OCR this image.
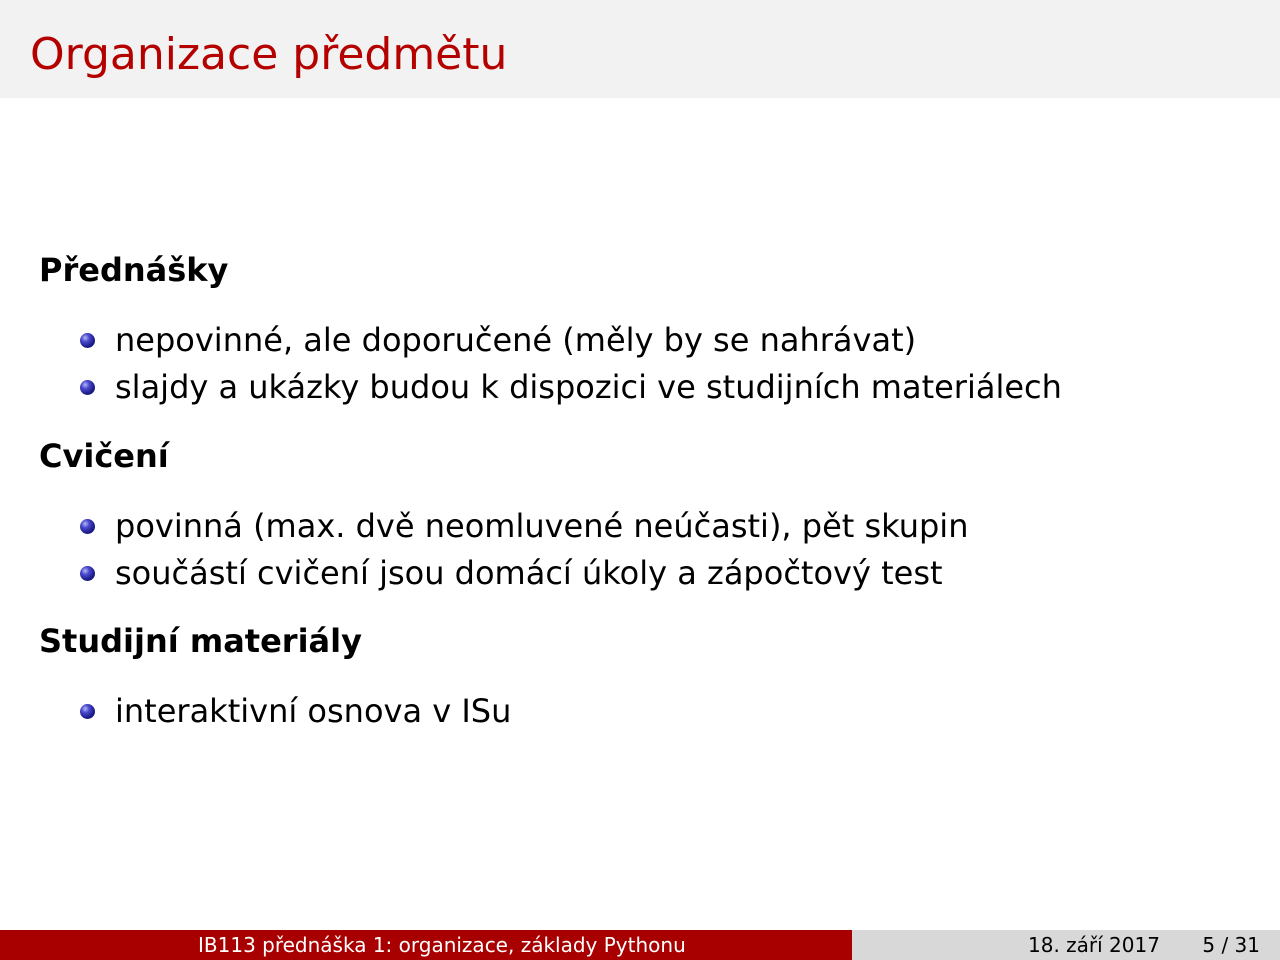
Organizace předmětu
Přednášky
nepovinné, ale doporučené (měly by se nahrávat)
slajdy a ukázky budou k dispozici ve studijních materiálech
Cvičení
povinná (max. dvě neomluvené neúčasti), pět skupin
součástí cvičení jsou domácí úkoly a zápočtový test
Studijní materiály
interaktivní osnova v ISu
IB113 přednáška 1: organizace, základy Pythonu	18. září 2017 5 / 31
